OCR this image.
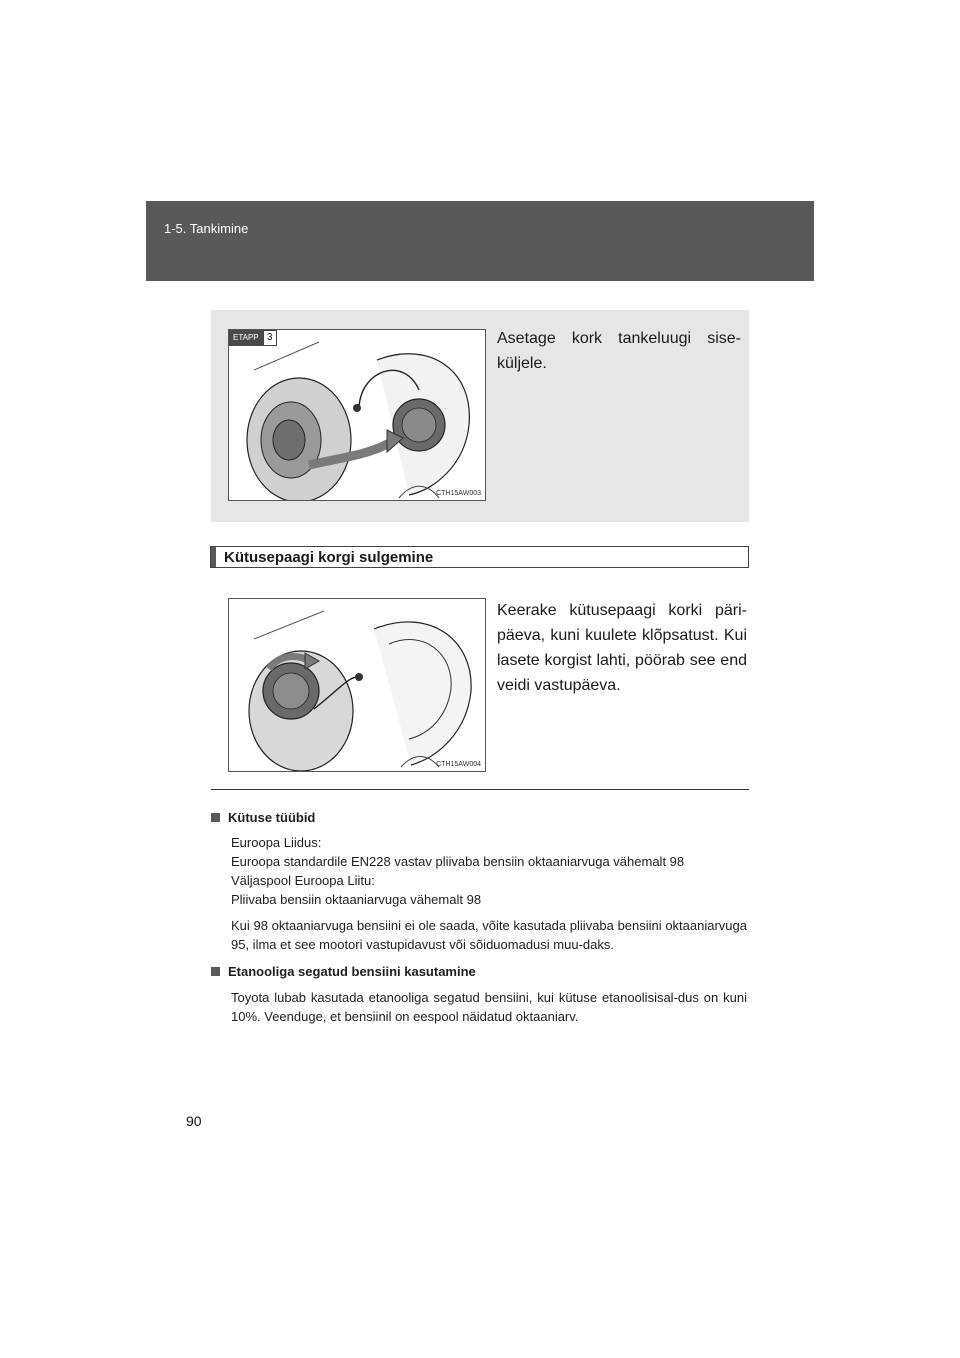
1-5. Tankimine
ETAPP 3
CTH15AW003
Asetage kork tankeluugi sise-küljele.
Kütusepaagi korgi sulgemine
CTH15AW004
Keerake kütusepaagi korki päri-päeva, kuni kuulete klõpsatust. Kui lasete korgist lahti, pöörab see end veidi vastupäeva.
Kütuse tüübid

Euroopa Liidus:

Euroopa standardile EN228 vastav pliivaba bensiin oktaaniarvuga vähemalt 98

Väljaspool Euroopa Liitu:

Pliivaba bensiin oktaaniarvuga vähemalt 98

Kui 98 oktaaniarvuga bensiini ei ole saada, võite kasutada pliivaba bensiini oktaaniarvuga 95, ilma et see mootori vastupidavust või sõiduomadusi muu-daks.

Etanooliga segatud bensiini kasutamine

Toyota lubab kasutada etanooliga segatud bensiini, kui kütuse etanoolisisal-dus on kuni 10%. Veenduge, et bensiinil on eespool näidatud oktaaniarv.

90
